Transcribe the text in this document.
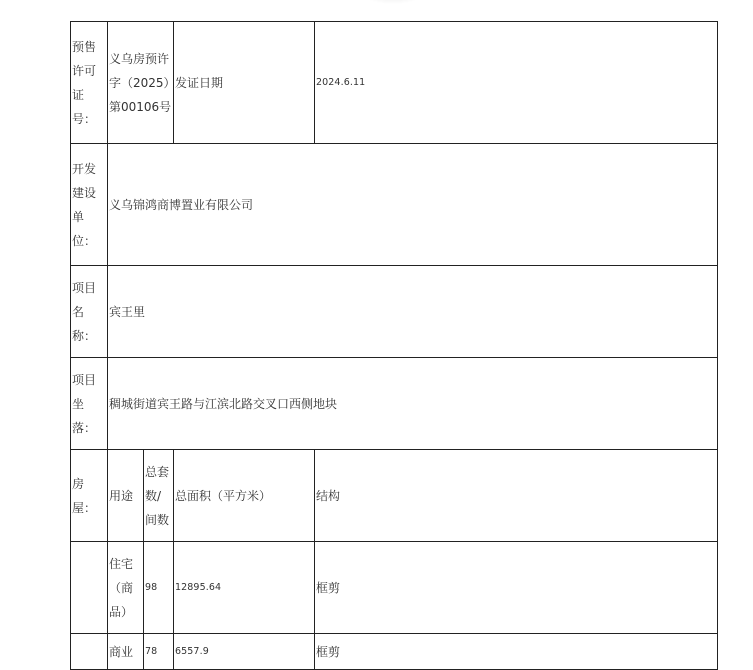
预售许可证号：	义乌房预许字（2025）第00106号		发证日期	2024.6.11
开发建设单位：	义乌锦鸿商博置业有限公司			
项目名称：	宾王里			
项目坐落：	稠城街道宾王路与江滨北路交叉口西侧地块			
房屋：	用途	总套数/间数	总面积（平方米）	结构
	住宅（商品）	98	12895.64	框剪
	商业	78	6557.9	框剪
